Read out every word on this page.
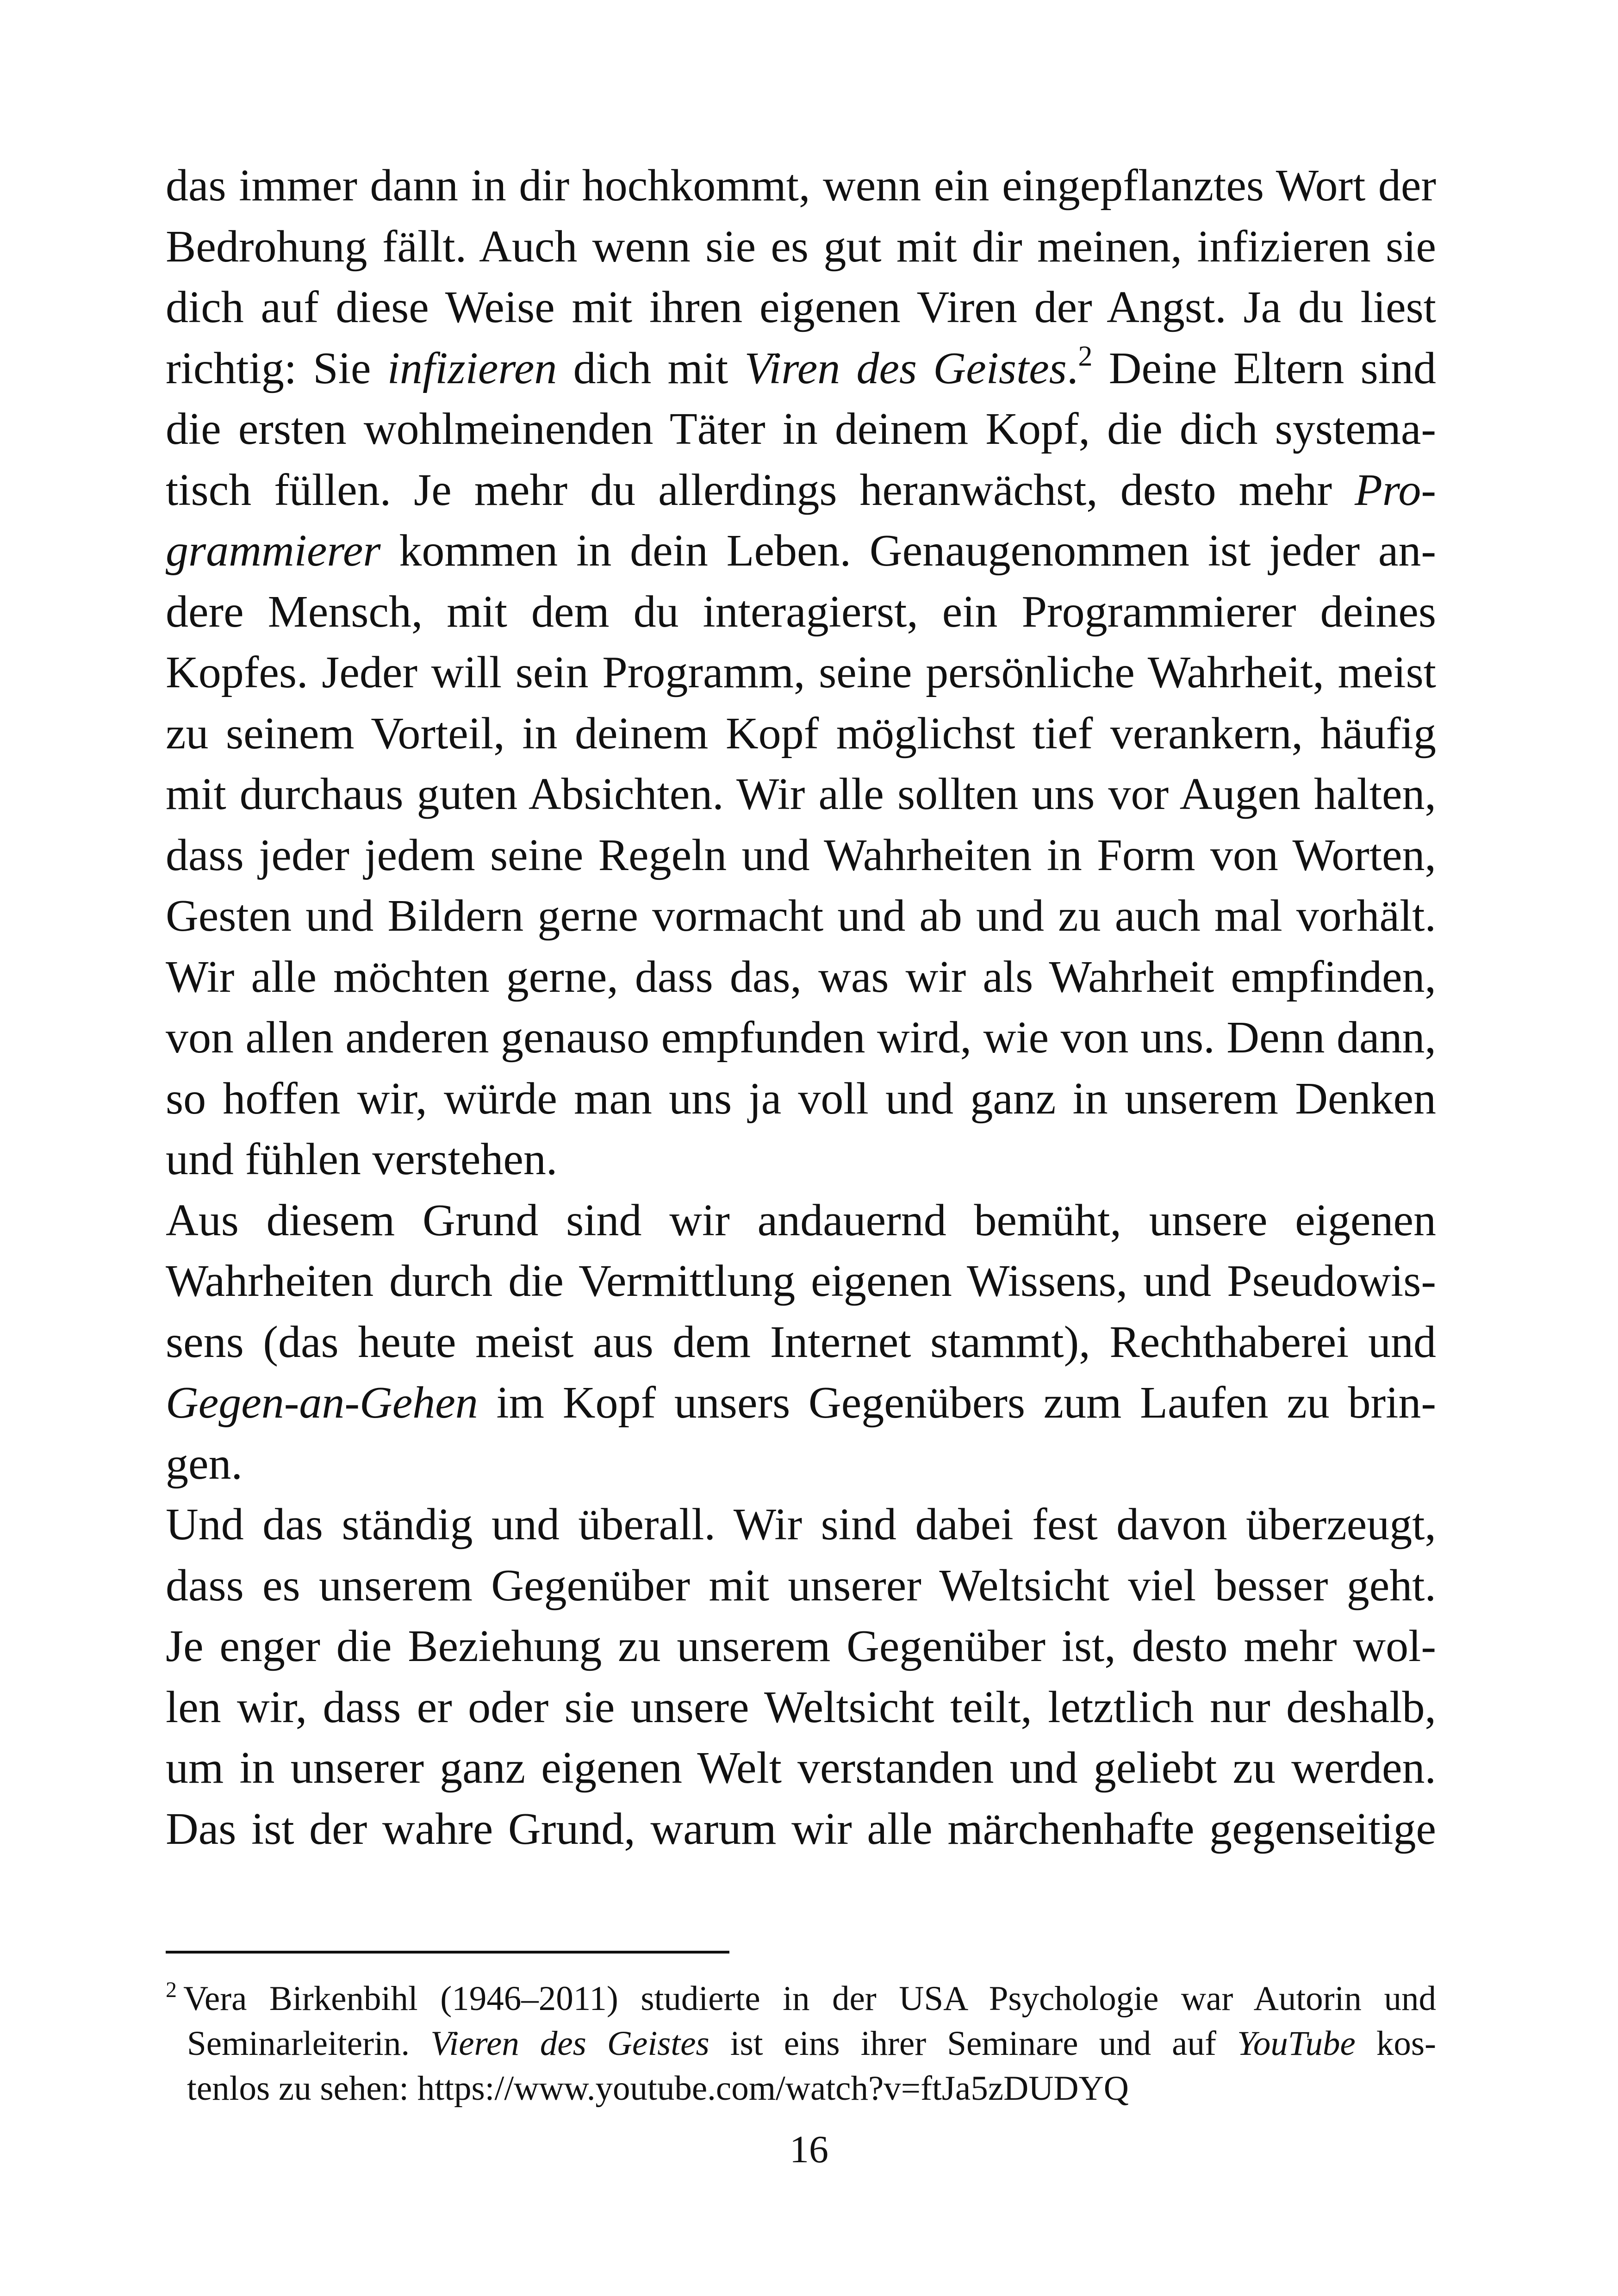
das immer dann in dir hochkommt, wenn ein eingepflanztes Wort der
Bedrohung fällt. Auch wenn sie es gut mit dir meinen, infizieren sie
dich auf diese Weise mit ihren eigenen Viren der Angst. Ja du liest
richtig: Sie infizieren dich mit Viren des Geistes.$^2$ Deine Eltern sind
die ersten wohlmeinenden Täter in deinem Kopf, die dich systema-
tisch füllen. Je mehr du allerdings heranwächst, desto mehr Pro-
grammierer kommen in dein Leben. Genaugenommen ist jeder an-
dere Mensch, mit dem du interagierst, ein Programmierer deines
Kopfes. Jeder will sein Programm, seine persönliche Wahrheit, meist
zu seinem Vorteil, in deinem Kopf möglichst tief verankern, häufig
mit durchaus guten Absichten. Wir alle sollten uns vor Augen halten,
dass jeder jedem seine Regeln und Wahrheiten in Form von Worten,
Gesten und Bildern gerne vormacht und ab und zu auch mal vorhält.
Wir alle möchten gerne, dass das, was wir als Wahrheit empfinden,
von allen anderen genauso empfunden wird, wie von uns. Denn dann,
so hoffen wir, würde man uns ja voll und ganz in unserem Denken
und fühlen verstehen.
Aus diesem Grund sind wir andauernd bemüht, unsere eigenen
Wahrheiten durch die Vermittlung eigenen Wissens, und Pseudowis-
sens (das heute meist aus dem Internet stammt), Rechthaberei und
Gegen-an-Gehen im Kopf unsers Gegenübers zum Laufen zu brin-
gen.
Und das ständig und überall. Wir sind dabei fest davon überzeugt,
dass es unserem Gegenüber mit unserer Weltsicht viel besser geht.
Je enger die Beziehung zu unserem Gegenüber ist, desto mehr wol-
len wir, dass er oder sie unsere Weltsicht teilt, letztlich nur deshalb,
um in unserer ganz eigenen Welt verstanden und geliebt zu werden.
Das ist der wahre Grund, warum wir alle märchenhafte gegenseitige
$^2$ Vera Birkenbihl (1946–2011) studierte in der USA Psychologie war Autorin und
Seminarleiterin. Vieren des Geistes ist eins ihrer Seminare und auf YouTube kos-
tenlos zu sehen: https://www.youtube.com/watch?v=ftJa5zDUDYQ
16
